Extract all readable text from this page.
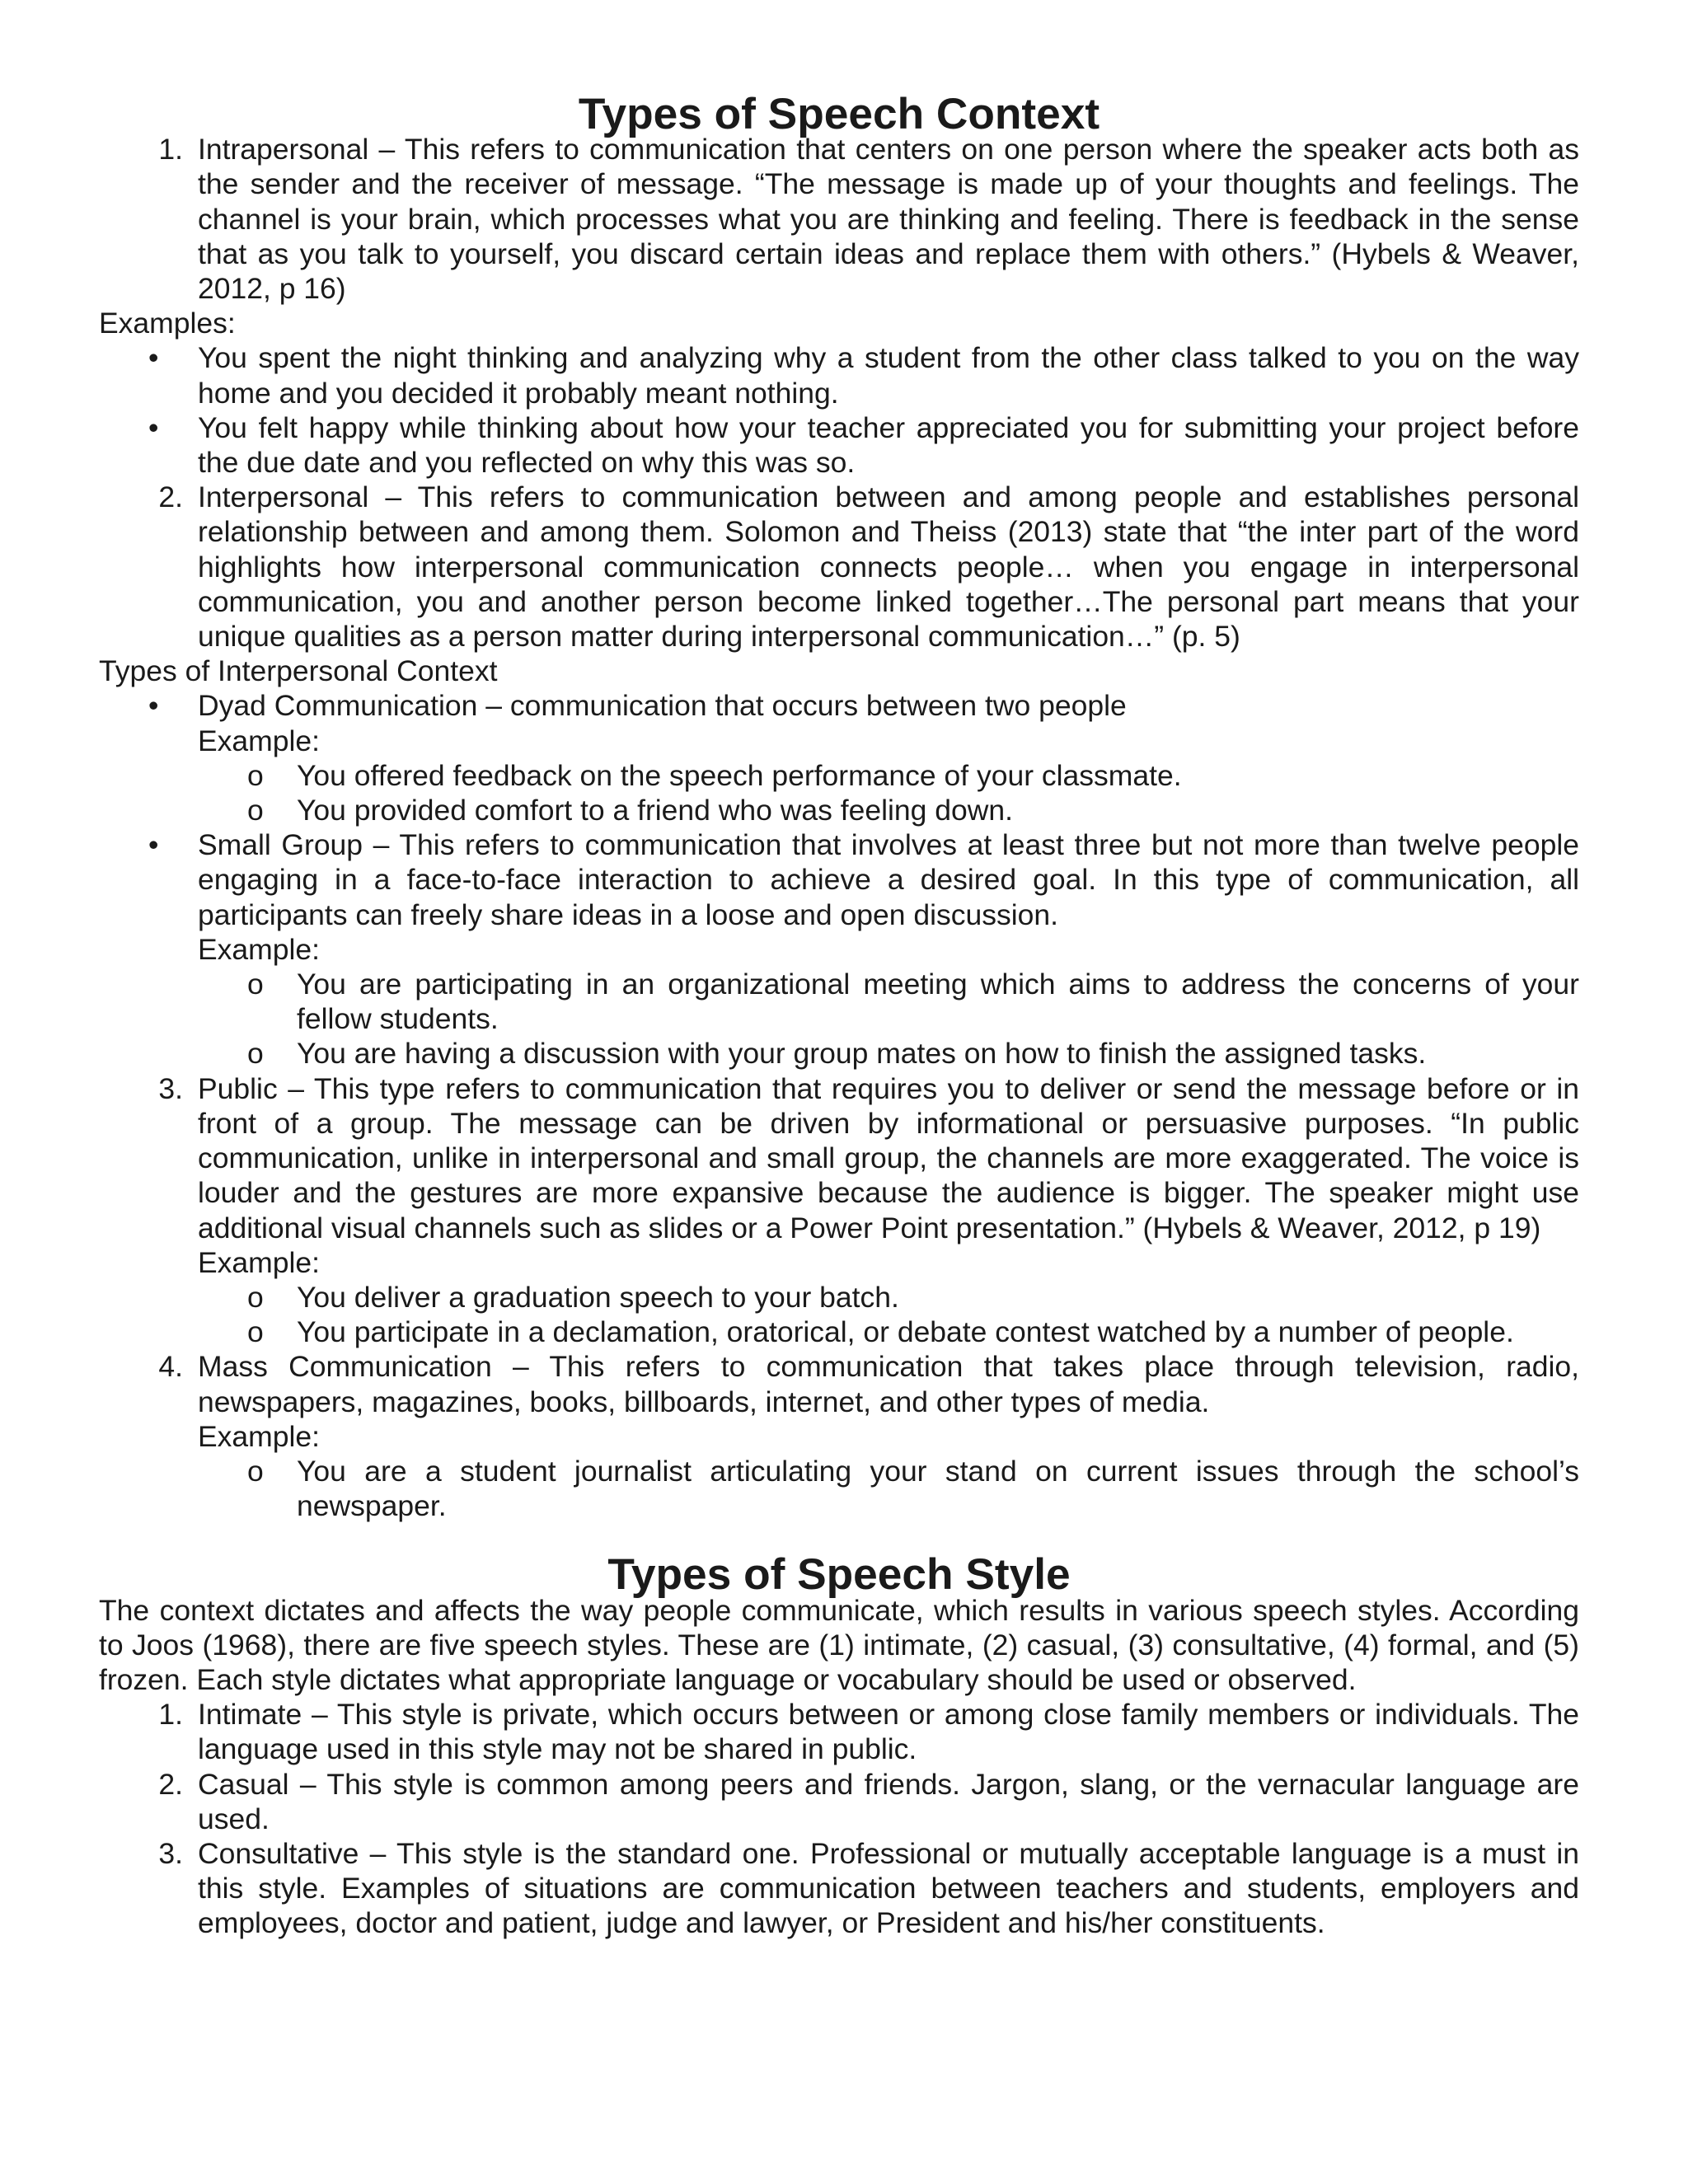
Types of Speech Context
1. Intrapersonal – This refers to communication that centers on one person where the speaker acts both as the sender and the receiver of message. “The message is made up of your thoughts and feelings. The channel is your brain, which processes what you are thinking and feeling. There is feedback in the sense that as you talk to yourself, you discard certain ideas and replace them with others.” (Hybels & Weaver, 2012, p 16)

Examples:

•	You spent the night thinking and analyzing why a student from the other class talked to you on the way home and you decided it probably meant nothing.
•	You felt happy while thinking about how your teacher appreciated you for submitting your project before the due date and you reflected on why this was so.
2. Interpersonal – This refers to communication between and among people and establishes personal relationship between and among them. Solomon and Theiss (2013) state that “the inter part of the word highlights how interpersonal communication connects people… when you engage in interpersonal communication, you and another person become linked together…The personal part means that your unique qualities as a person matter during interpersonal communication…” (p. 5)

Types of Interpersonal Context

•	Dyad Communication – communication that occurs between two people
Example:
o	You offered feedback on the speech performance of your classmate.
o	You provided comfort to a friend who was feeling down.
•	Small Group – This refers to communication that involves at least three but not more than twelve people engaging in a face-to-face interaction to achieve a desired goal. In this type of communication, all participants can freely share ideas in a loose and open discussion.
Example:
o	You are participating in an organizational meeting which aims to address the concerns of your fellow students.
o	You are having a discussion with your group mates on how to finish the assigned tasks.
3. Public – This type refers to communication that requires you to deliver or send the message before or in front of a group. The message can be driven by informational or persuasive purposes. “In public communication, unlike in interpersonal and small group, the channels are more exaggerated. The voice is louder and the gestures are more expansive because the audience is bigger. The speaker might use additional visual channels such as slides or a Power Point presentation.” (Hybels & Weaver, 2012, p 19)
Example:
o	You deliver a graduation speech to your batch.
o	You participate in a declamation, oratorical, or debate contest watched by a number of people.
4. Mass Communication – This refers to communication that takes place through television, radio, newspapers, magazines, books, billboards, internet, and other types of media.
Example:
o	You are a student journalist articulating your stand on current issues through the school’s newspaper.
Types of Speech Style

The context dictates and affects the way people communicate, which results in various speech styles. According to Joos (1968), there are five speech styles. These are (1) intimate, (2) casual, (3) consultative, (4) formal, and (5) frozen. Each style dictates what appropriate language or vocabulary should be used or observed.

1. Intimate – This style is private, which occurs between or among close family members or individuals. The language used in this style may not be shared in public.
2. Casual – This style is common among peers and friends. Jargon, slang, or the vernacular language are used.
3. Consultative – This style is the standard one. Professional or mutually acceptable language is a must in this style. Examples of situations are communication between teachers and students, employers and employees, doctor and patient, judge and lawyer, or President and his/her constituents.
